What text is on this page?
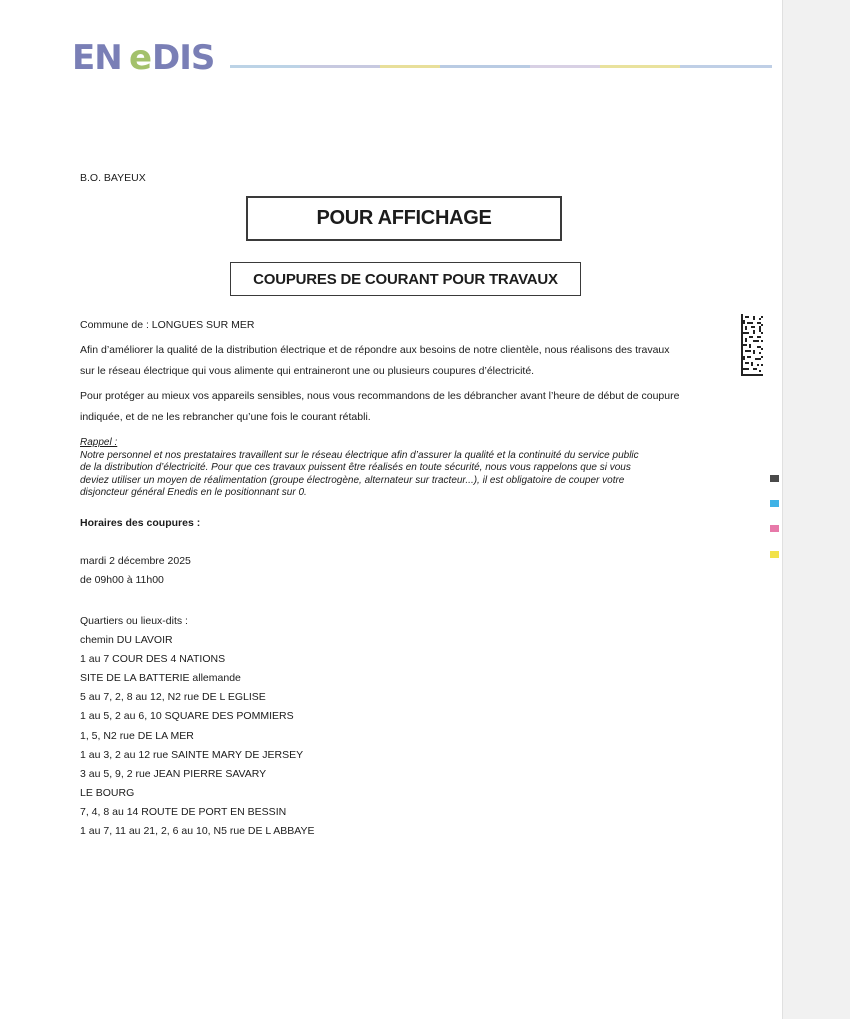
EN e DIS
B.O. BAYEUX
POUR AFFICHAGE
COUPURES DE COURANT POUR TRAVAUX
Commune de : LONGUES SUR MER
Afin d’améliorer la qualité de la distribution électrique et de répondre aux besoins de notre clientèle, nous réalisons des travaux
sur le réseau électrique qui vous alimente qui entraineront une ou plusieurs coupures d’électricité.
Pour protéger au mieux vos appareils sensibles, nous vous recommandons de les débrancher avant l’heure de début de coupure
indiquée, et de ne les rebrancher qu’une fois le courant rétabli.
Rappel :
Notre personnel et nos prestataires travaillent sur le réseau électrique afin d’assurer la qualité et la continuité du service public
de la distribution d’électricité. Pour que ces travaux puissent être réalisés en toute sécurité, nous vous rappelons que si vous
deviez utiliser un moyen de réalimentation (groupe électrogène, alternateur sur tracteur...), il est obligatoire de couper votre
disjoncteur général Enedis en le positionnant sur 0.
Horaires des coupures :
mardi 2 décembre 2025
de 09h00 à 11h00
Quartiers ou lieux-dits :
chemin DU LAVOIR
1 au 7 COUR DES 4 NATIONS
SITE DE LA BATTERIE allemande
5 au 7, 2, 8 au 12, N2 rue DE L EGLISE
1 au 5, 2 au 6, 10 SQUARE DES POMMIERS
1, 5, N2 rue DE LA MER
1 au 3, 2 au 12 rue SAINTE MARY DE JERSEY
3 au 5, 9, 2 rue JEAN PIERRE SAVARY
LE BOURG
7, 4, 8 au 14 ROUTE DE PORT EN BESSIN
1 au 7, 11 au 21, 2, 6 au 10, N5 rue DE L ABBAYE
